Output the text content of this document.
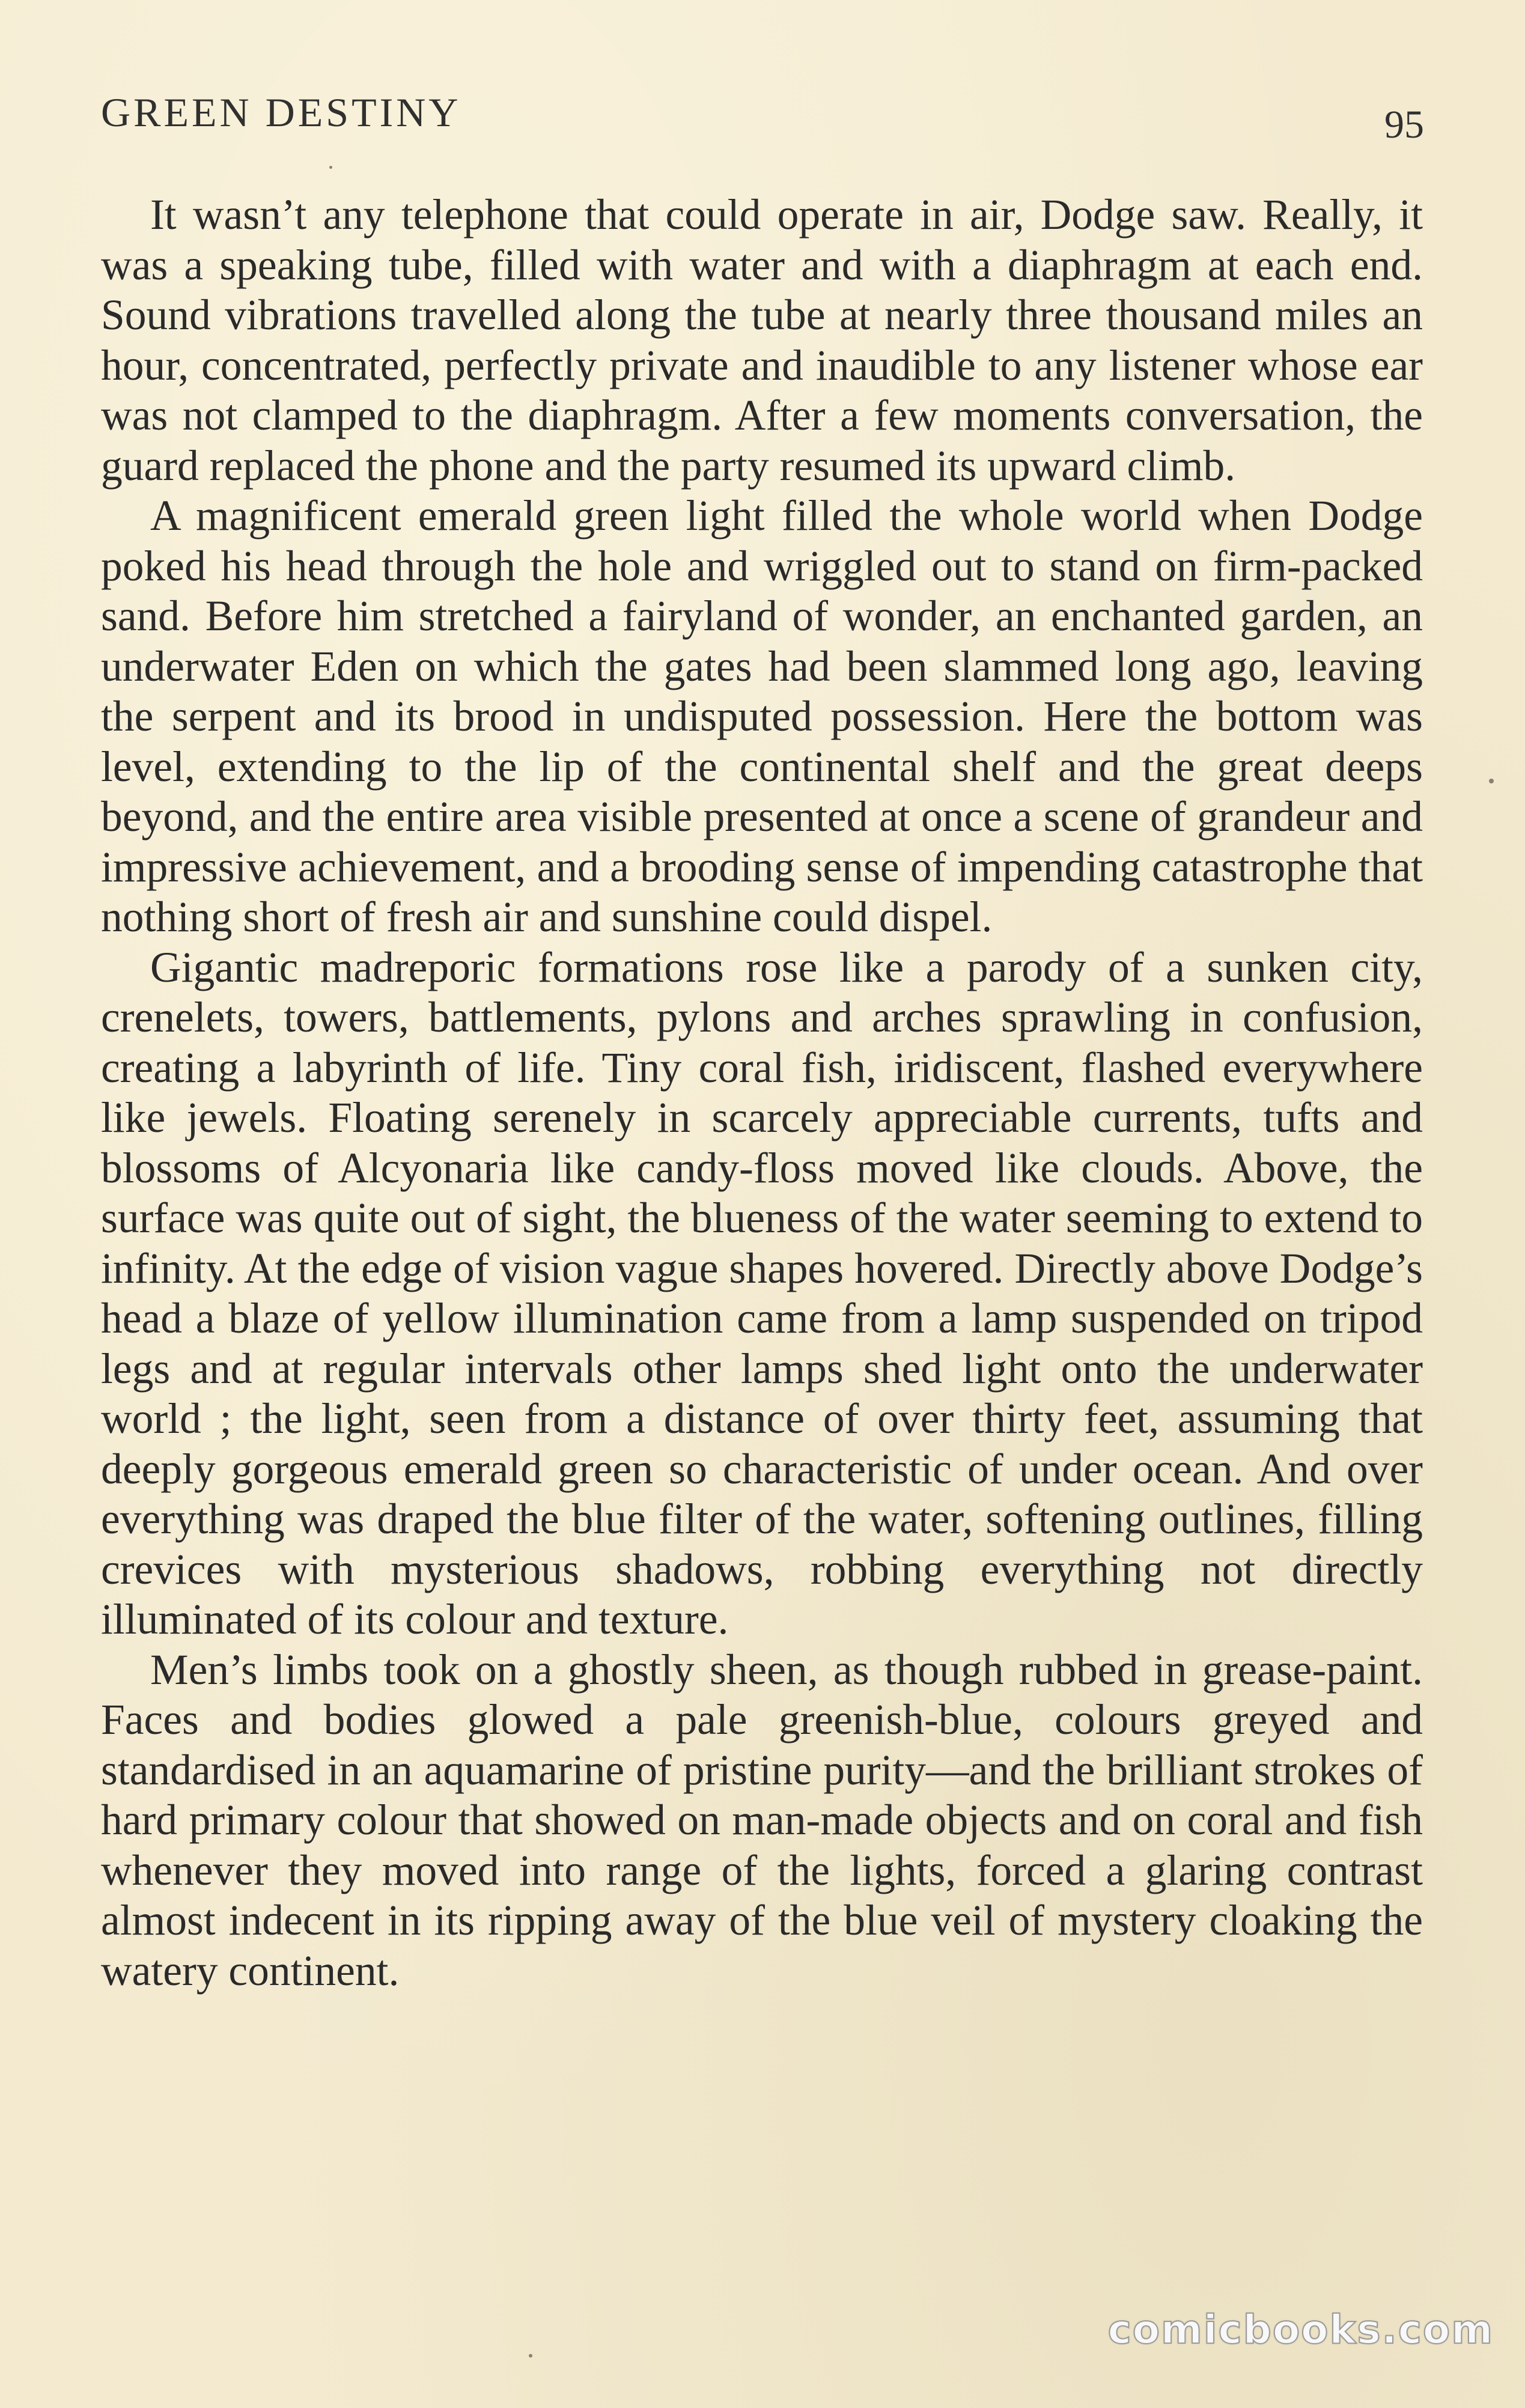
GREEN DESTINY	95

It wasn’t any telephone that could operate in air, Dodge saw. Really, it was a speaking tube, filled with water and with a diaphragm at each end. Sound vibrations travelled along the tube at nearly three thousand miles an hour, concentrated, perfectly private and inaudible to any listener whose ear was not clamped to the diaphragm. After a few moments conversation, the guard replaced the phone and the party resumed its upward climb.

A magnificent emerald green light filled the whole world when Dodge poked his head through the hole and wriggled out to stand on firm-packed sand. Before him stretched a fairyland of wonder, an enchanted garden, an underwater Eden on which the gates had been slammed long ago, leaving the serpent and its brood in undisputed possession. Here the bottom was level, extending to the lip of the continental shelf and the great deeps beyond, and the entire area visible presented at once a scene of grandeur and impressive achievement, and a brooding sense of impending catastrophe that nothing short of fresh air and sunshine could dispel.

Gigantic madreporic formations rose like a parody of a sunken city, crenelets, towers, battlements, pylons and arches sprawling in confusion, creating a labyrinth of life. Tiny coral fish, iridiscent, flashed everywhere like jewels. Floating serenely in scarcely appreciable currents, tufts and blossoms of Alcyonaria like candy-floss moved like clouds. Above, the surface was quite out of sight, the blueness of the water seeming to extend to infinity. At the edge of vision vague shapes hovered. Directly above Dodge’s head a blaze of yellow illumination came from a lamp suspended on tripod legs and at regular intervals other lamps shed light onto the underwater world ; the light, seen from a distance of over thirty feet, assuming that deeply gorgeous emerald green so characteristic of under ocean. And over everything was draped the blue filter of the water, softening outlines, filling crevices with mysterious shadows, robbing everything not directly illuminated of its colour and texture.

Men’s limbs took on a ghostly sheen, as though rubbed in grease-paint. Faces and bodies glowed a pale greenish-blue, colours greyed and standardised in an aquamarine of pristine purity—and the brilliant strokes of hard primary colour that showed on man-made objects and on coral and fish whenever they moved into range of the lights, forced a glaring contrast almost indecent in its ripping away of the blue veil of mystery cloaking the watery continent.

comicbooks.com
